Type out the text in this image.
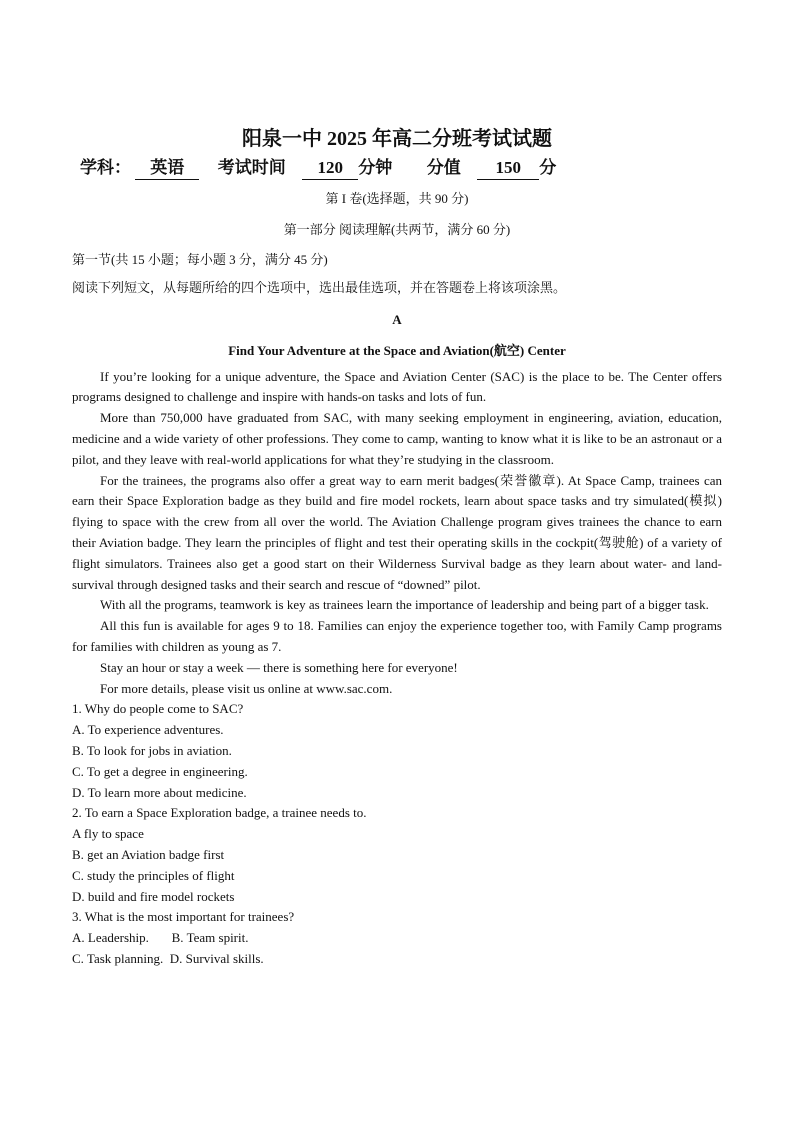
阳泉一中 2025 年高二分班考试试题
学科： 英语 考试时间 120 分钟 分值 150 分
第 I 卷(选择题，共 90 分)
第一部分 阅读理解(共两节，满分 60 分)
第一节(共 15 小题；每小题 3 分，满分 45 分)
阅读下列短文，从每题所给的四个选项中，选出最佳选项，并在答题卷上将该项涂黑。
A
Find Your Adventure at the Space and Aviation(航空) Center

If you’re looking for a unique adventure, the Space and Aviation Center (SAC) is the place to be. The Center offers programs designed to challenge and inspire with hands-on tasks and lots of fun.

More than 750,000 have graduated from SAC, with many seeking employment in engineering, aviation, education, medicine and a wide variety of other professions. They come to camp, wanting to know what it is like to be an astronaut or a pilot, and they leave with real-world applications for what they’re studying in the classroom.

For the trainees, the programs also offer a great way to earn merit badges(荣誉徽章). At Space Camp, trainees can earn their Space Exploration badge as they build and fire model rockets, learn about space tasks and try simulated(模拟) flying to space with the crew from all over the world. The Aviation Challenge program gives trainees the chance to earn their Aviation badge. They learn the principles of flight and test their operating skills in the cockpit(驾驶舱) of a variety of flight simulators. Trainees also get a good start on their Wilderness Survival badge as they learn about water- and land-survival through designed tasks and their search and rescue of “downed” pilot.

With all the programs, teamwork is key as trainees learn the importance of leadership and being part of a bigger task.

All this fun is available for ages 9 to 18. Families can enjoy the experience together too, with Family Camp programs for families with children as young as 7.

Stay an hour or stay a week — there is something here for everyone!

For more details, please visit us online at www.sac.com.

1. Why do people come to SAC?

A. To experience adventures.

B. To look for jobs in aviation.

C. To get a degree in engineering.

D. To learn more about medicine.

2. To earn a Space Exploration badge, a trainee needs to.

A fly to space

B. get an Aviation badge first

C. study the principles of flight

D. build and fire model rockets

3. What is the most important for trainees?

A. Leadership.       B. Team spirit.

C. Task planning.  D. Survival skills.
